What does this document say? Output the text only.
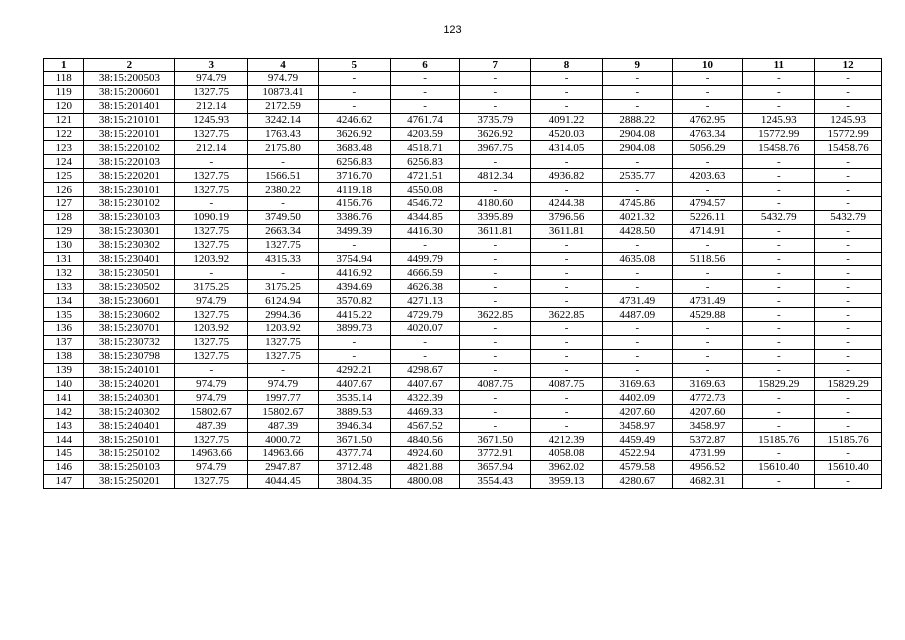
123
1	2	3	4	5	6	7	8	9	10	11	12
118	38:15:200503	974.79	974.79	-	-	-	-	-	-	-	-
119	38:15:200601	1327.75	10873.41	-	-	-	-	-	-	-	-
120	38:15:201401	212.14	2172.59	-	-	-	-	-	-	-	-
121	38:15:210101	1245.93	3242.14	4246.62	4761.74	3735.79	4091.22	2888.22	4762.95	1245.93	1245.93
122	38:15:220101	1327.75	1763.43	3626.92	4203.59	3626.92	4520.03	2904.08	4763.34	15772.99	15772.99
123	38:15:220102	212.14	2175.80	3683.48	4518.71	3967.75	4314.05	2904.08	5056.29	15458.76	15458.76
124	38:15:220103	-	-	6256.83	6256.83	-	-	-	-	-	-
125	38:15:220201	1327.75	1566.51	3716.70	4721.51	4812.34	4936.82	2535.77	4203.63	-	-
126	38:15:230101	1327.75	2380.22	4119.18	4550.08	-	-	-	-	-	-
127	38:15:230102	-	-	4156.76	4546.72	4180.60	4244.38	4745.86	4794.57	-	-
128	38:15:230103	1090.19	3749.50	3386.76	4344.85	3395.89	3796.56	4021.32	5226.11	5432.79	5432.79
129	38:15:230301	1327.75	2663.34	3499.39	4416.30	3611.81	3611.81	4428.50	4714.91	-	-
130	38:15:230302	1327.75	1327.75	-	-	-	-	-	-	-	-
131	38:15:230401	1203.92	4315.33	3754.94	4499.79	-	-	4635.08	5118.56	-	-
132	38:15:230501	-	-	4416.92	4666.59	-	-	-	-	-	-
133	38:15:230502	3175.25	3175.25	4394.69	4626.38	-	-	-	-	-	-
134	38:15:230601	974.79	6124.94	3570.82	4271.13	-	-	4731.49	4731.49	-	-
135	38:15:230602	1327.75	2994.36	4415.22	4729.79	3622.85	3622.85	4487.09	4529.88	-	-
136	38:15:230701	1203.92	1203.92	3899.73	4020.07	-	-	-	-	-	-
137	38:15:230732	1327.75	1327.75	-	-	-	-	-	-	-	-
138	38:15:230798	1327.75	1327.75	-	-	-	-	-	-	-	-
139	38:15:240101	-	-	4292.21	4298.67	-	-	-	-	-	-
140	38:15:240201	974.79	974.79	4407.67	4407.67	4087.75	4087.75	3169.63	3169.63	15829.29	15829.29
141	38:15:240301	974.79	1997.77	3535.14	4322.39	-	-	4402.09	4772.73	-	-
142	38:15:240302	15802.67	15802.67	3889.53	4469.33	-	-	4207.60	4207.60	-	-
143	38:15:240401	487.39	487.39	3946.34	4567.52	-	-	3458.97	3458.97	-	-
144	38:15:250101	1327.75	4000.72	3671.50	4840.56	3671.50	4212.39	4459.49	5372.87	15185.76	15185.76
145	38:15:250102	14963.66	14963.66	4377.74	4924.60	3772.91	4058.08	4522.94	4731.99	-	-
146	38:15:250103	974.79	2947.87	3712.48	4821.88	3657.94	3962.02	4579.58	4956.52	15610.40	15610.40
147	38:15:250201	1327.75	4044.45	3804.35	4800.08	3554.43	3959.13	4280.67	4682.31	-	-
